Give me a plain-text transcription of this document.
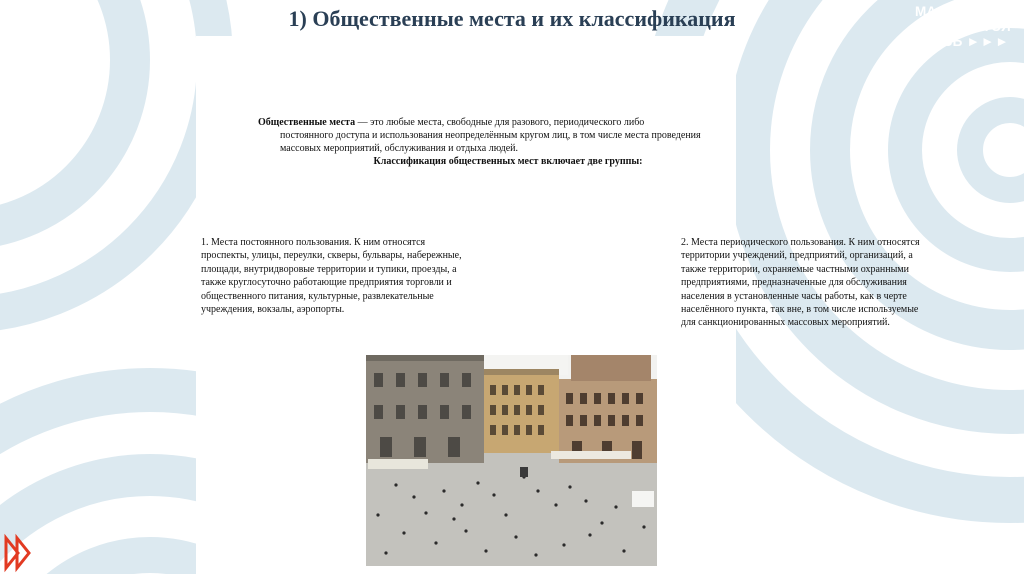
1) Общественные места и их классификация	МАСТЕРСТВО
НАЧИНАЕТСЯ
ЗДЕСЬ ►►►

Общественные места — это любые места, свободные для разового, периодического либо

постоянного доступа и использования неопределённым кругом лиц, в том числе места проведения массовых мероприятий, обслуживания и отдыха людей.

Классификация общественных мест включает две группы:

1. Места постоянного пользования. К ним относятся проспекты, улицы, переулки, скверы, бульвары, набережные, площади, внутридворовые территории и тупики, проезды, а также круглосуточно работающие предприятия торговли и общественного питания, культурные, развлекательные учреждения, вокзалы, аэропорты.
2. Места периодического пользования. К ним относятся территории учреждений, предприятий, организаций, а также территории, охраняемые частными охранными предприятиями, предназначенные для обслуживания населения в установленные часы работы, как в черте населённого пункта, так вне, в том числе используемые для санкционированных массовых мероприятий.
